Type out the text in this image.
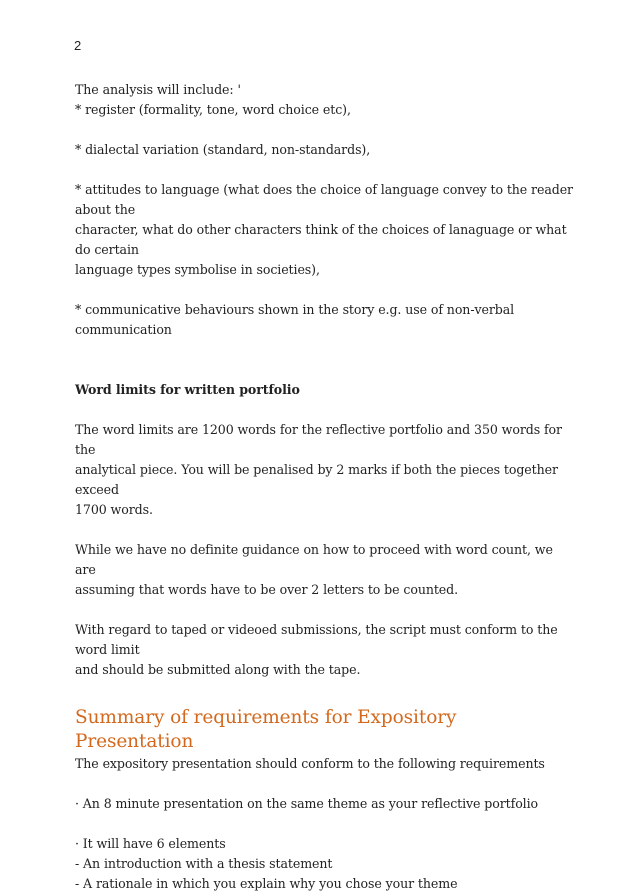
2

The analysis will include: '

* register (formality, tone, word choice etc),

* dialectal variation (standard, non-standards),

* attitudes to language (what does the choice of language convey to the reader about the

character, what do other characters think of the choices of lanaguage or what do certain

language types symbolise in societies),

* communicative behaviours shown in the story e.g. use of non-verbal communication

Word limits for written portfolio

The word limits are 1200 words for the reflective portfolio and 350 words for the

analytical piece. You will be penalised by 2 marks if both the pieces together exceed

1700 words.

While we have no definite guidance on how to proceed with word count, we are

assuming that words have to be over 2 letters to be counted.

With regard to taped or videoed submissions, the script must conform to the word limit

and should be submitted along with the tape.

Summary of requirements for Expository Presentation

The expository presentation should conform to the following requirements

· An 8 minute presentation on the same theme as your reflective portfolio

· It will have 6 elements

- An introduction with a thesis statement

- A rationale in which you explain why you chose your theme
